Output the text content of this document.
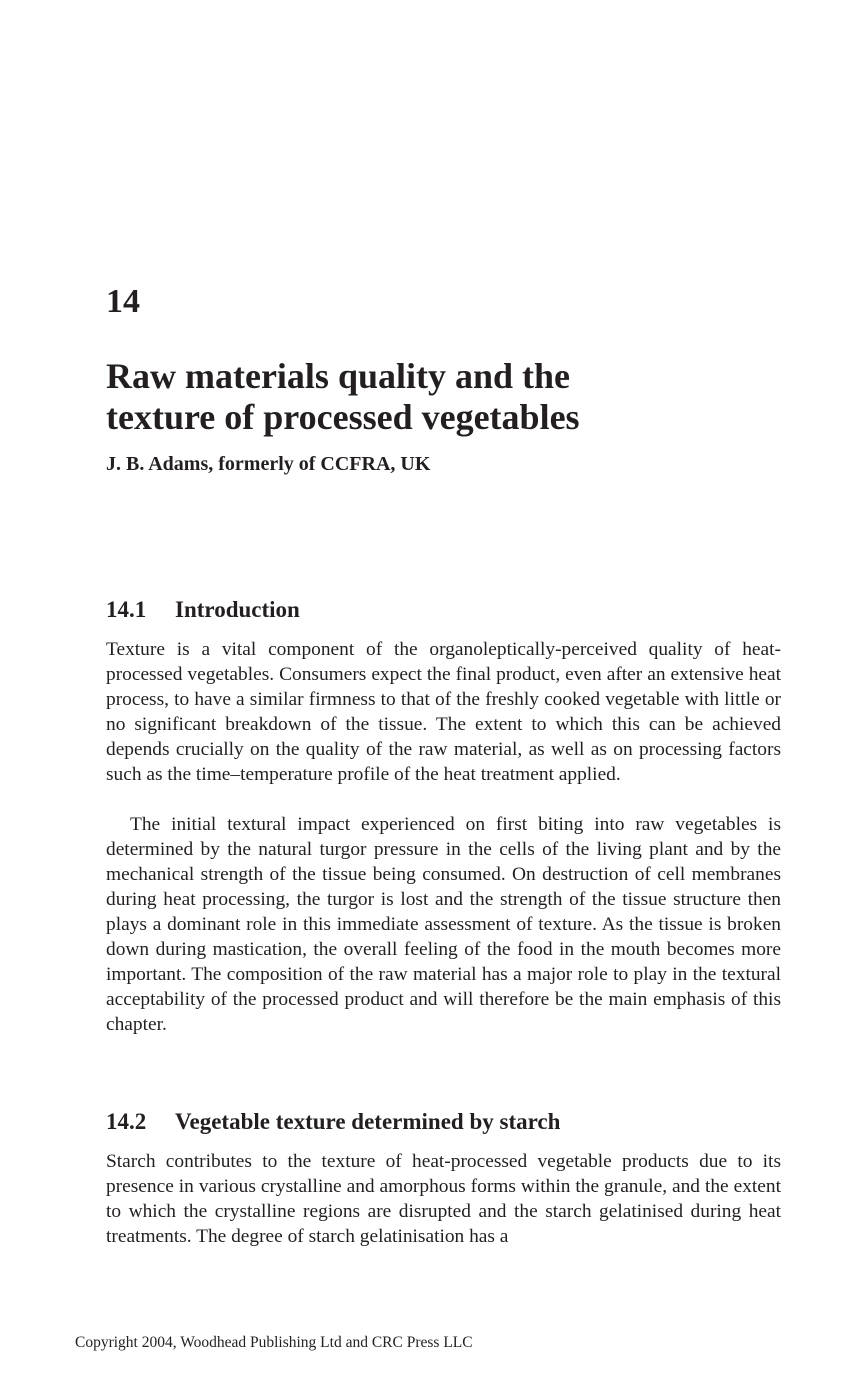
14
Raw materials quality and the
texture of processed vegetables

J. B. Adams, formerly of CCFRA, UK

14.1 Introduction

Texture is a vital component of the organoleptically-perceived quality of heat-processed vegetables. Consumers expect the final product, even after an extensive heat process, to have a similar firmness to that of the freshly cooked vegetable with little or no significant breakdown of the tissue. The extent to which this can be achieved depends crucially on the quality of the raw material, as well as on processing factors such as the time–temperature profile of the heat treatment applied.

The initial textural impact experienced on first biting into raw vegetables is determined by the natural turgor pressure in the cells of the living plant and by the mechanical strength of the tissue being consumed. On destruction of cell membranes during heat processing, the turgor is lost and the strength of the tissue structure then plays a dominant role in this immediate assessment of texture. As the tissue is broken down during mastication, the overall feeling of the food in the mouth becomes more important. The composition of the raw material has a major role to play in the textural acceptability of the processed product and will therefore be the main emphasis of this chapter.

14.2 Vegetable texture determined by starch

Starch contributes to the texture of heat-processed vegetable products due to its presence in various crystalline and amorphous forms within the granule, and the extent to which the crystalline regions are disrupted and the starch gelatinised during heat treatments. The degree of starch gelatinisation has a

Copyright 2004, Woodhead Publishing Ltd and CRC Press LLC
